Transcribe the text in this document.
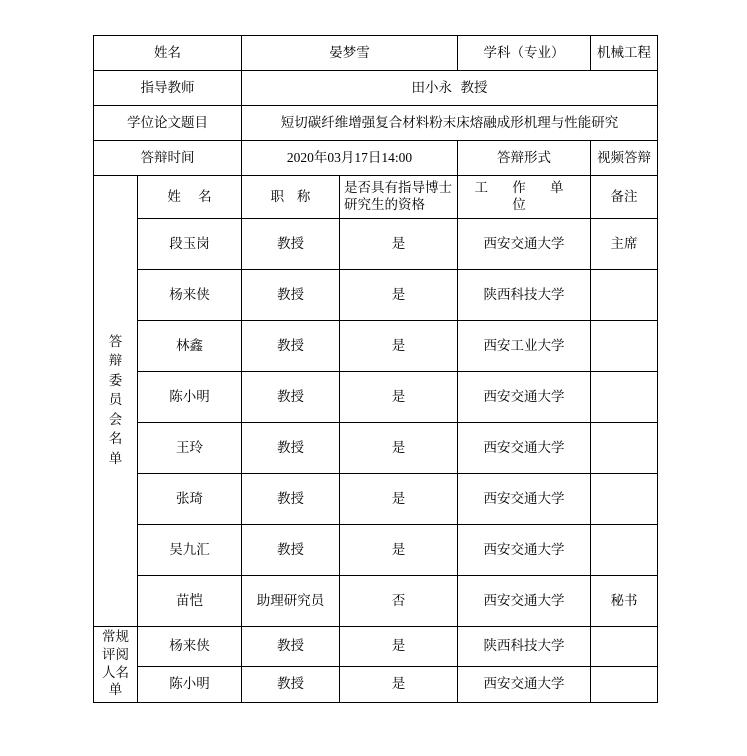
姓名		晏梦雪		学科（专业）	机械工程
指导教师		田小永  教授			
学位论文题目		短切碳纤维增强复合材料粉末床熔融成形机理与性能研究			
答辩时间		2020年03月17日14:00		答辩形式	视频答辩

答辩委员会名单	姓    名	职   称	是否具有指导博士研究生的资格	工 作 单 位	备注
	段玉岗	教授	是	西安交通大学	主席
	杨来侠	教授	是	陕西科技大学	
	林鑫	教授	是	西安工业大学	
	陈小明	教授	是	西安交通大学	
	王玲	教授	是	西安交通大学	
	张琦	教授	是	西安交通大学	
	吴九汇	教授	是	西安交通大学	
	苗恺	助理研究员	否	西安交通大学	秘书

常规评阅人名单	杨来侠	教授	是	陕西科技大学	
	陈小明	教授	是	西安交通大学	
